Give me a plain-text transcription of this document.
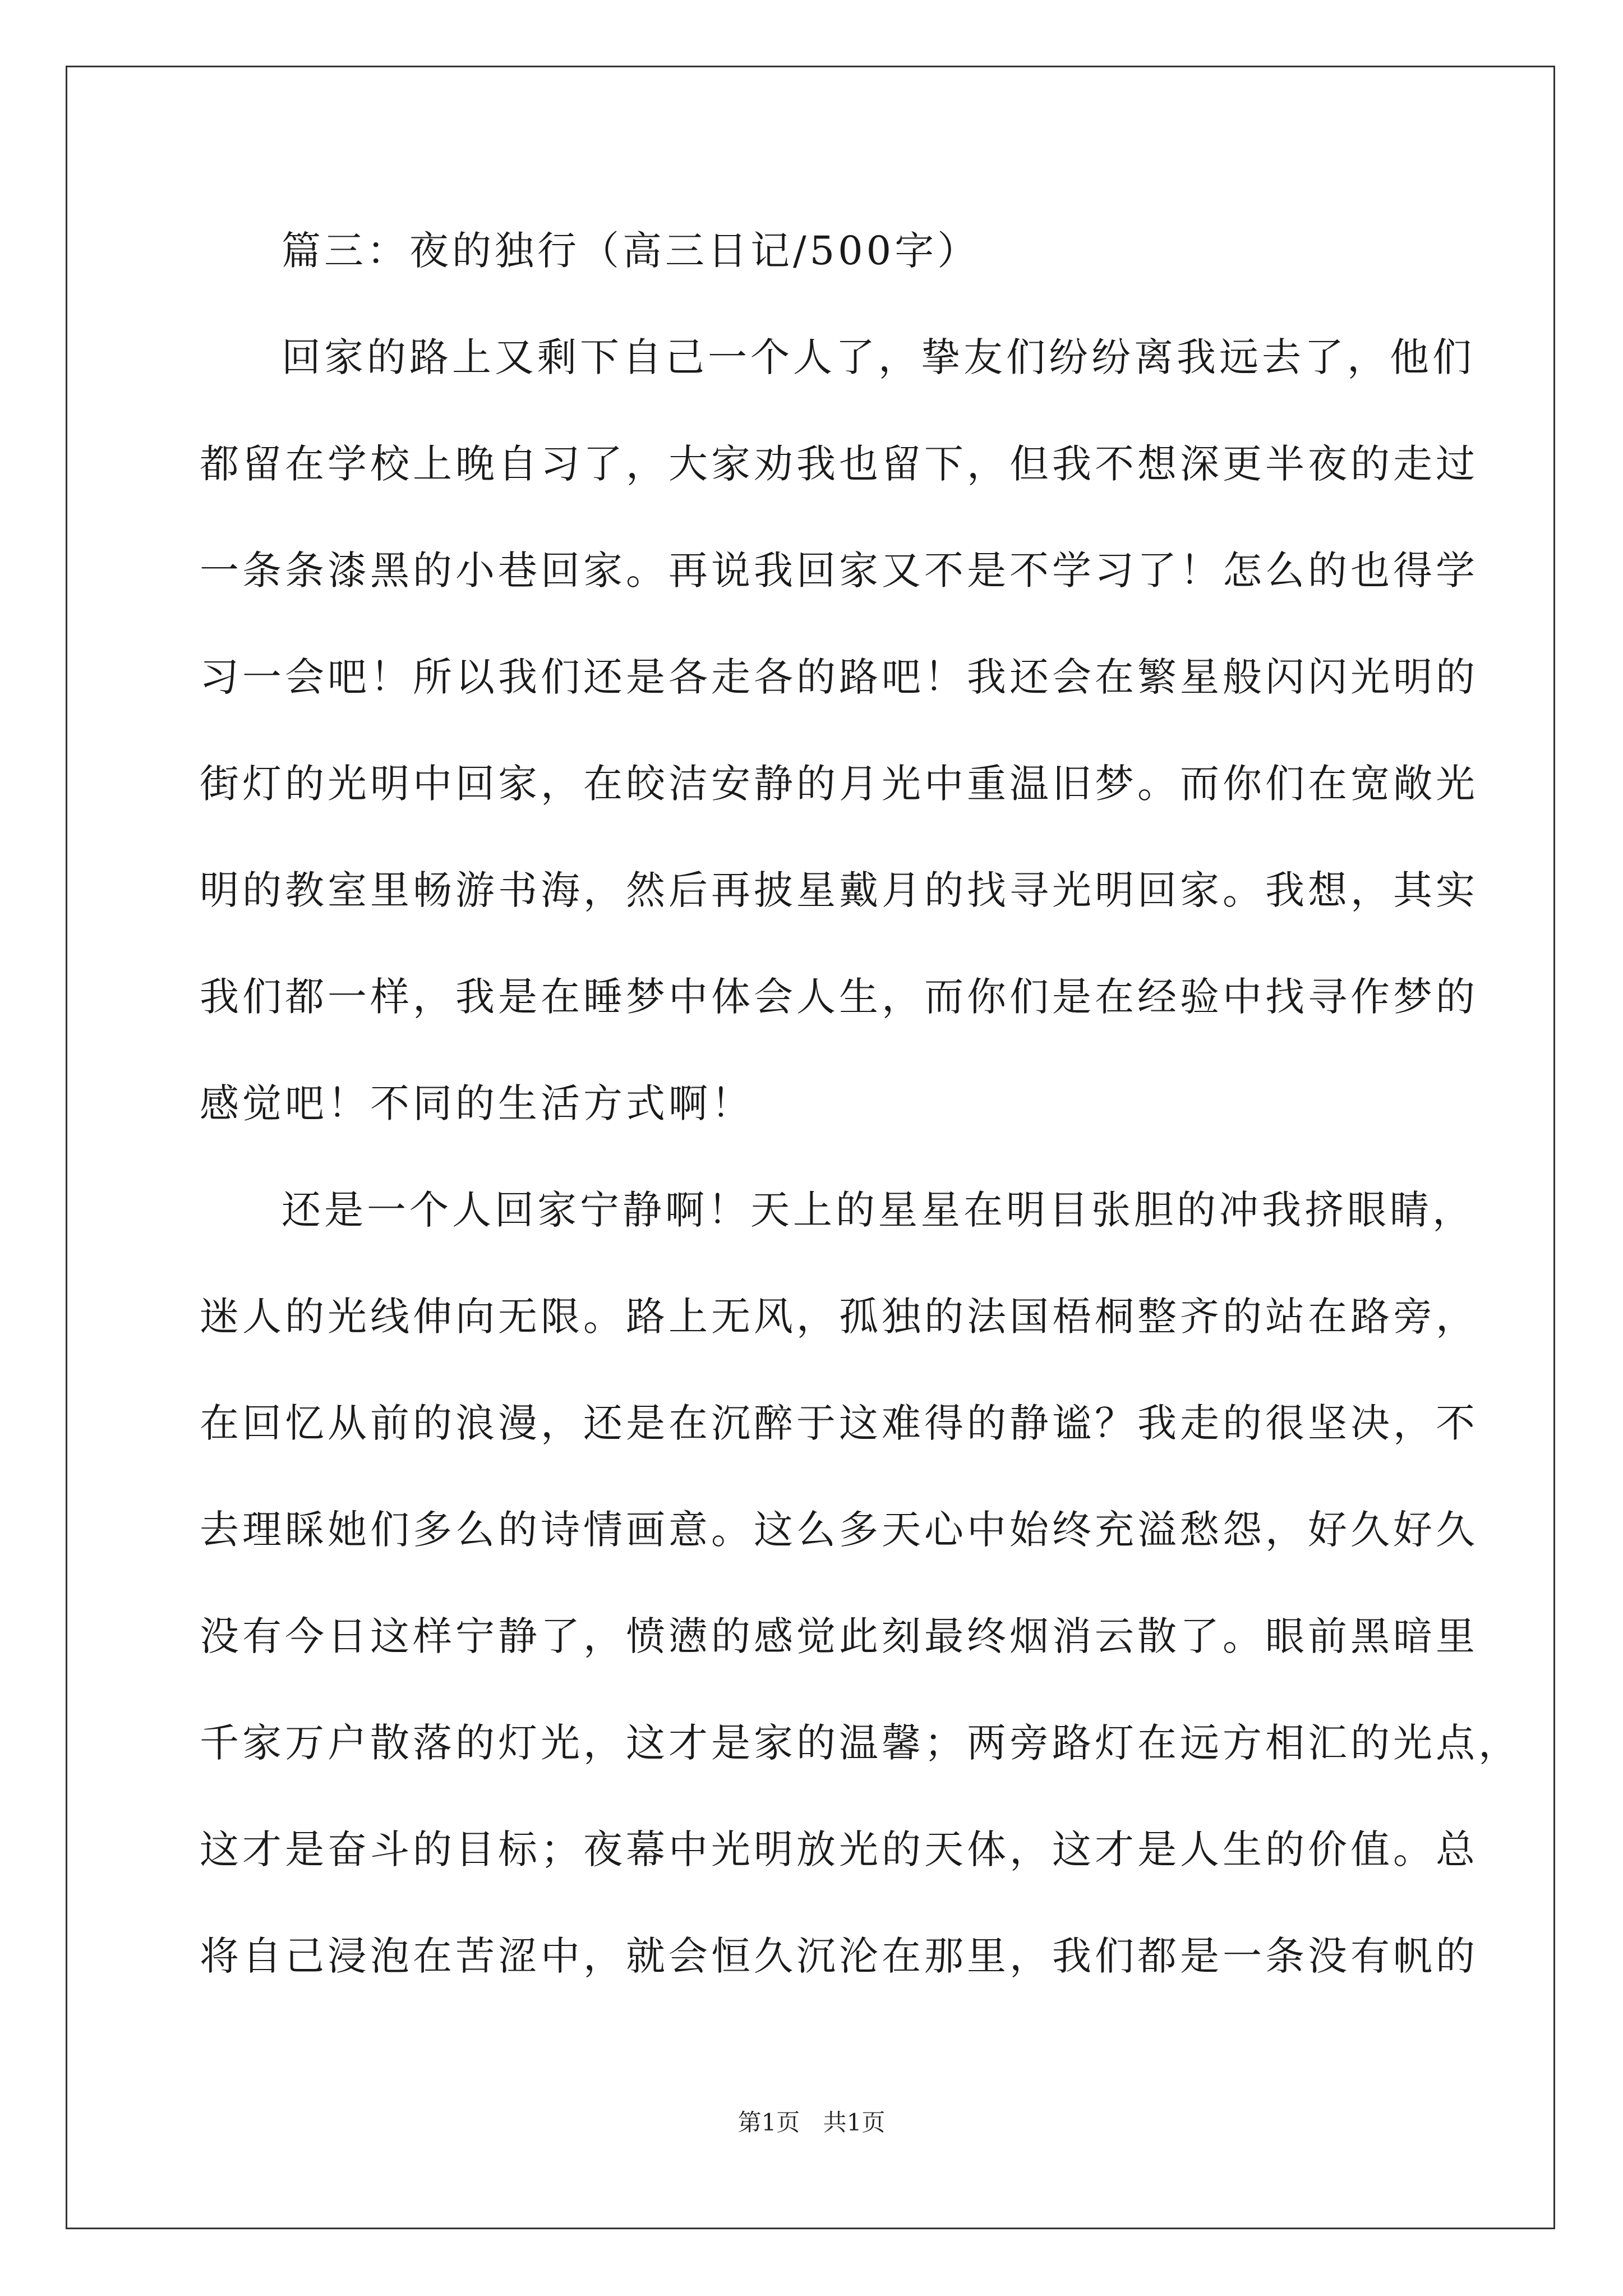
篇三：夜的独行（高三日记/500字）
回家的路上又剩下自己一个人了，挚友们纷纷离我远去了，他们
都留在学校上晚自习了，大家劝我也留下，但我不想深更半夜的走过
一条条漆黑的小巷回家。再说我回家又不是不学习了！怎么的也得学
习一会吧！所以我们还是各走各的路吧！我还会在繁星般闪闪光明的
街灯的光明中回家，在皎洁安静的月光中重温旧梦。而你们在宽敞光
明的教室里畅游书海，然后再披星戴月的找寻光明回家。我想，其实
我们都一样，我是在睡梦中体会人生，而你们是在经验中找寻作梦的
感觉吧！不同的生活方式啊！
还是一个人回家宁静啊！天上的星星在明目张胆的冲我挤眼睛，
迷人的光线伸向无限。路上无风，孤独的法国梧桐整齐的站在路旁，
在回忆从前的浪漫，还是在沉醉于这难得的静谧？我走的很坚决，不
去理睬她们多么的诗情画意。这么多天心中始终充溢愁怨，好久好久
没有今日这样宁静了，愤懑的感觉此刻最终烟消云散了。眼前黑暗里
千家万户散落的灯光，这才是家的温馨；两旁路灯在远方相汇的光点，
这才是奋斗的目标；夜幕中光明放光的天体，这才是人生的价值。总
将自己浸泡在苦涩中，就会恒久沉沦在那里，我们都是一条没有帆的
第1页 共1页
